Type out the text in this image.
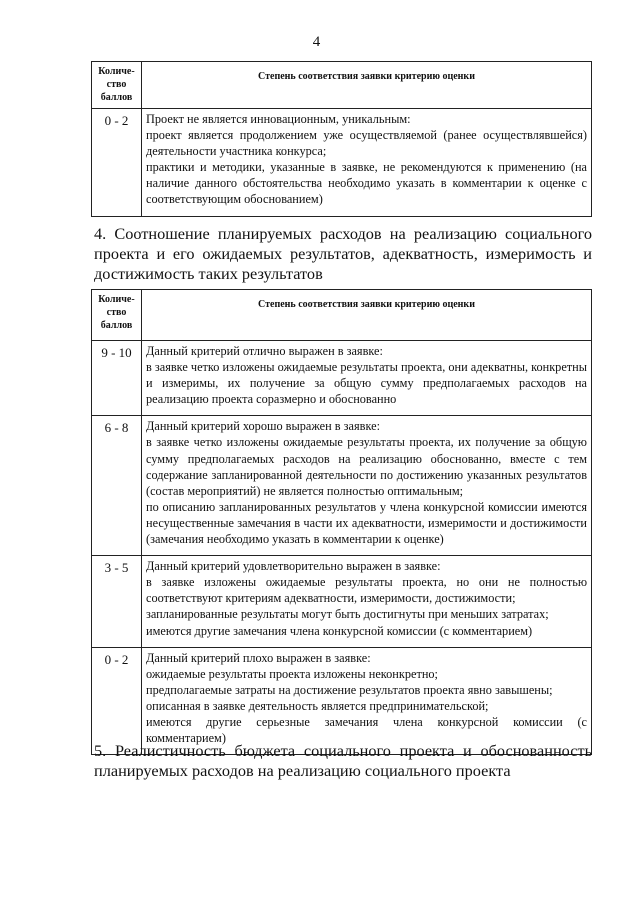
4
Количе-
ство
баллов	Степень соответствия заявки критерию оценки
0 - 2	Проект не является инновационным, уникальным:
проект является продолжением уже осуществляемой (ранее осуществлявшейся) деятельности участника конкурса;
практики и методики, указанные в заявке, не рекомендуются к применению (на наличие данного обстоятельства необходимо указать в комментарии к оценке с соответствующим обоснованием)
4. Соотношение планируемых расходов на реализацию социального проекта и его ожидаемых результатов, адекватность, измеримость и достижимость таких результатов
Количе-
ство
баллов	Степень соответствия заявки критерию оценки
9 - 10	Данный критерий отлично выражен в заявке:
в заявке четко изложены ожидаемые результаты проекта, они адекватны, конкретны и измеримы, их получение за общую сумму предполагаемых расходов на реализацию проекта соразмерно и обоснованно

6 - 8	Данный критерий хорошо выражен в заявке:
в заявке четко изложены ожидаемые результаты проекта, их получение за общую сумму предполагаемых расходов на реализацию обоснованно, вместе с тем содержание запланированной деятельности по достижению указанных результатов (состав мероприятий) не является полностью оптимальным;
по описанию запланированных результатов у члена конкурсной комиссии имеются несущественные замечания в части их адекватности, измеримости и достижимости (замечания необходимо указать в комментарии к оценке)

3 - 5	Данный критерий удовлетворительно выражен в заявке:
в заявке изложены ожидаемые результаты проекта, но они не полностью соответствуют критериям адекватности, измеримости, достижимости;
запланированные результаты могут быть достигнуты при меньших затратах;
имеются другие замечания члена конкурсной комиссии (с комментарием)

0 - 2	Данный критерий плохо выражен в заявке:
ожидаемые результаты проекта изложены неконкретно;
предполагаемые затраты на достижение результатов проекта явно завышены;
описанная в заявке деятельность является предпринимательской;
имеются другие серьезные замечания члена конкурсной комиссии (с комментарием)
5. Реалистичность бюджета социального проекта и обоснованность планируемых расходов на реализацию социального проекта
